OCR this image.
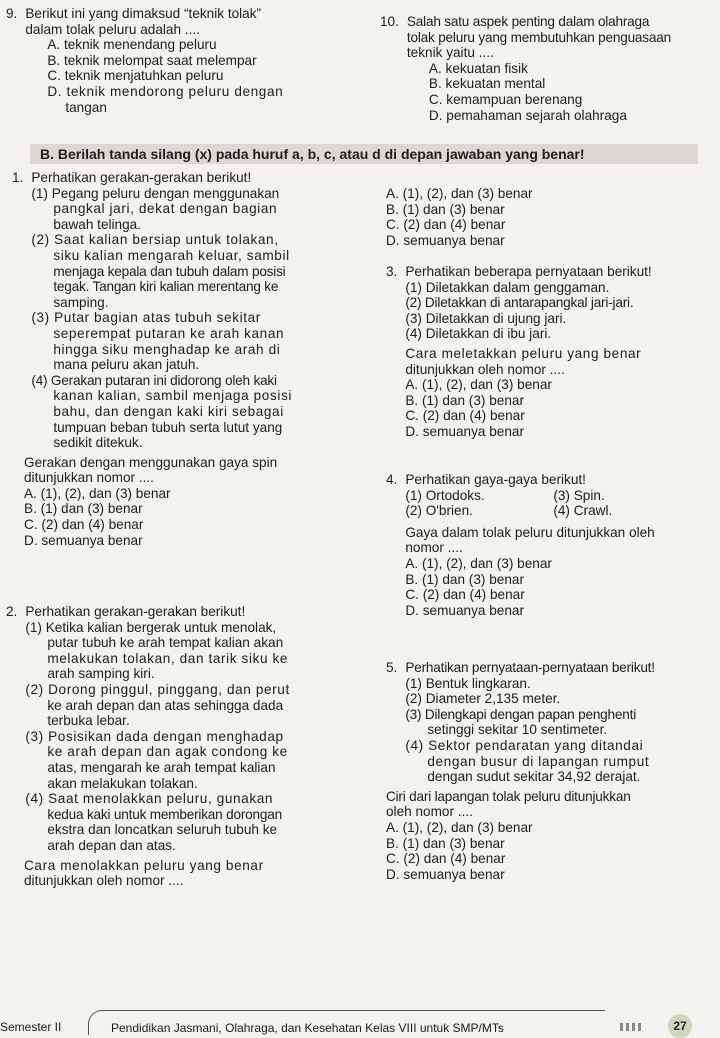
9. Berikut ini yang dimaksud “teknik tolak”
dalam tolak peluru adalah ....
A. teknik menendang peluru
B. teknik melompat saat melempar
C. teknik menjatuhkan peluru
D. teknik mendorong peluru dengan
tangan
10. Salah satu aspek penting dalam olahraga
tolak peluru yang membutuhkan penguasaan
teknik yaitu ....
A. kekuatan fisik
B. kekuatan mental
C. kemampuan berenang
D. pemahaman sejarah olahraga
B. Berilah tanda silang (x) pada huruf a, b, c, atau d di depan jawaban yang benar!
1. Perhatikan gerakan-gerakan berikut!
(1) Pegang peluru dengan menggunakan
pangkal jari, dekat dengan bagian
bawah telinga.
(2) Saat kalian bersiap untuk tolakan,
siku kalian mengarah keluar, sambil
menjaga kepala dan tubuh dalam posisi
tegak. Tangan kiri kalian merentang ke
samping.
(3) Putar bagian atas tubuh sekitar
seperempat putaran ke arah kanan
hingga siku menghadap ke arah di
mana peluru akan jatuh.
(4) Gerakan putaran ini didorong oleh kaki
kanan kalian, sambil menjaga posisi
bahu, dan dengan kaki kiri sebagai
tumpuan beban tubuh serta lutut yang
sedikit ditekuk.
Gerakan dengan menggunakan gaya spin
ditunjukkan nomor ....
A. (1), (2), dan (3) benar
B. (1) dan (3) benar
C. (2) dan (4) benar
D. semuanya benar
2. Perhatikan gerakan-gerakan berikut!
(1) Ketika kalian bergerak untuk menolak,
putar tubuh ke arah tempat kalian akan
melakukan tolakan, dan tarik siku ke
arah samping kiri.
(2) Dorong pinggul, pinggang, dan perut
ke arah depan dan atas sehingga dada
terbuka lebar.
(3) Posisikan dada dengan menghadap
ke arah depan dan agak condong ke
atas, mengarah ke arah tempat kalian
akan melakukan tolakan.
(4) Saat menolakkan peluru, gunakan
kedua kaki untuk memberikan dorongan
ekstra dan loncatkan seluruh tubuh ke
arah depan dan atas.
Cara menolakkan peluru yang benar
ditunjukkan oleh nomor ....
A. (1), (2), dan (3) benar
B. (1) dan (3) benar
C. (2) dan (4) benar
D. semuanya benar
3. Perhatikan beberapa pernyataan berikut!
(1) Diletakkan dalam genggaman.
(2) Diletakkan di antarapangkal jari-jari.
(3) Diletakkan di ujung jari.
(4) Diletakkan di ibu jari.
Cara meletakkan peluru yang benar
ditunjukkan oleh nomor ....
A. (1), (2), dan (3) benar
B. (1) dan (3) benar
C. (2) dan (4) benar
D. semuanya benar
4. Perhatikan gaya-gaya berikut!
(1) Ortodoks.	(3) Spin.
(2) O'brien.	(4) Crawl.
Gaya dalam tolak peluru ditunjukkan oleh
nomor ....
A. (1), (2), dan (3) benar
B. (1) dan (3) benar
C. (2) dan (4) benar
D. semuanya benar
5. Perhatikan pernyataan-pernyataan berikut!
(1) Bentuk lingkaran.
(2) Diameter 2,135 meter.
(3) Dilengkapi dengan papan penghenti
setinggi sekitar 10 sentimeter.
(4) Sektor pendaratan yang ditandai
dengan busur di lapangan rumput
dengan sudut sekitar 34,92 derajat.
Ciri dari lapangan tolak peluru ditunjukkan
oleh nomor ....
A. (1), (2), dan (3) benar
B. (1) dan (3) benar
C. (2) dan (4) benar
D. semuanya benar
Semester II	Pendidikan Jasmani, Olahraga, dan Kesehatan Kelas VIII untuk SMP/MTs	27
